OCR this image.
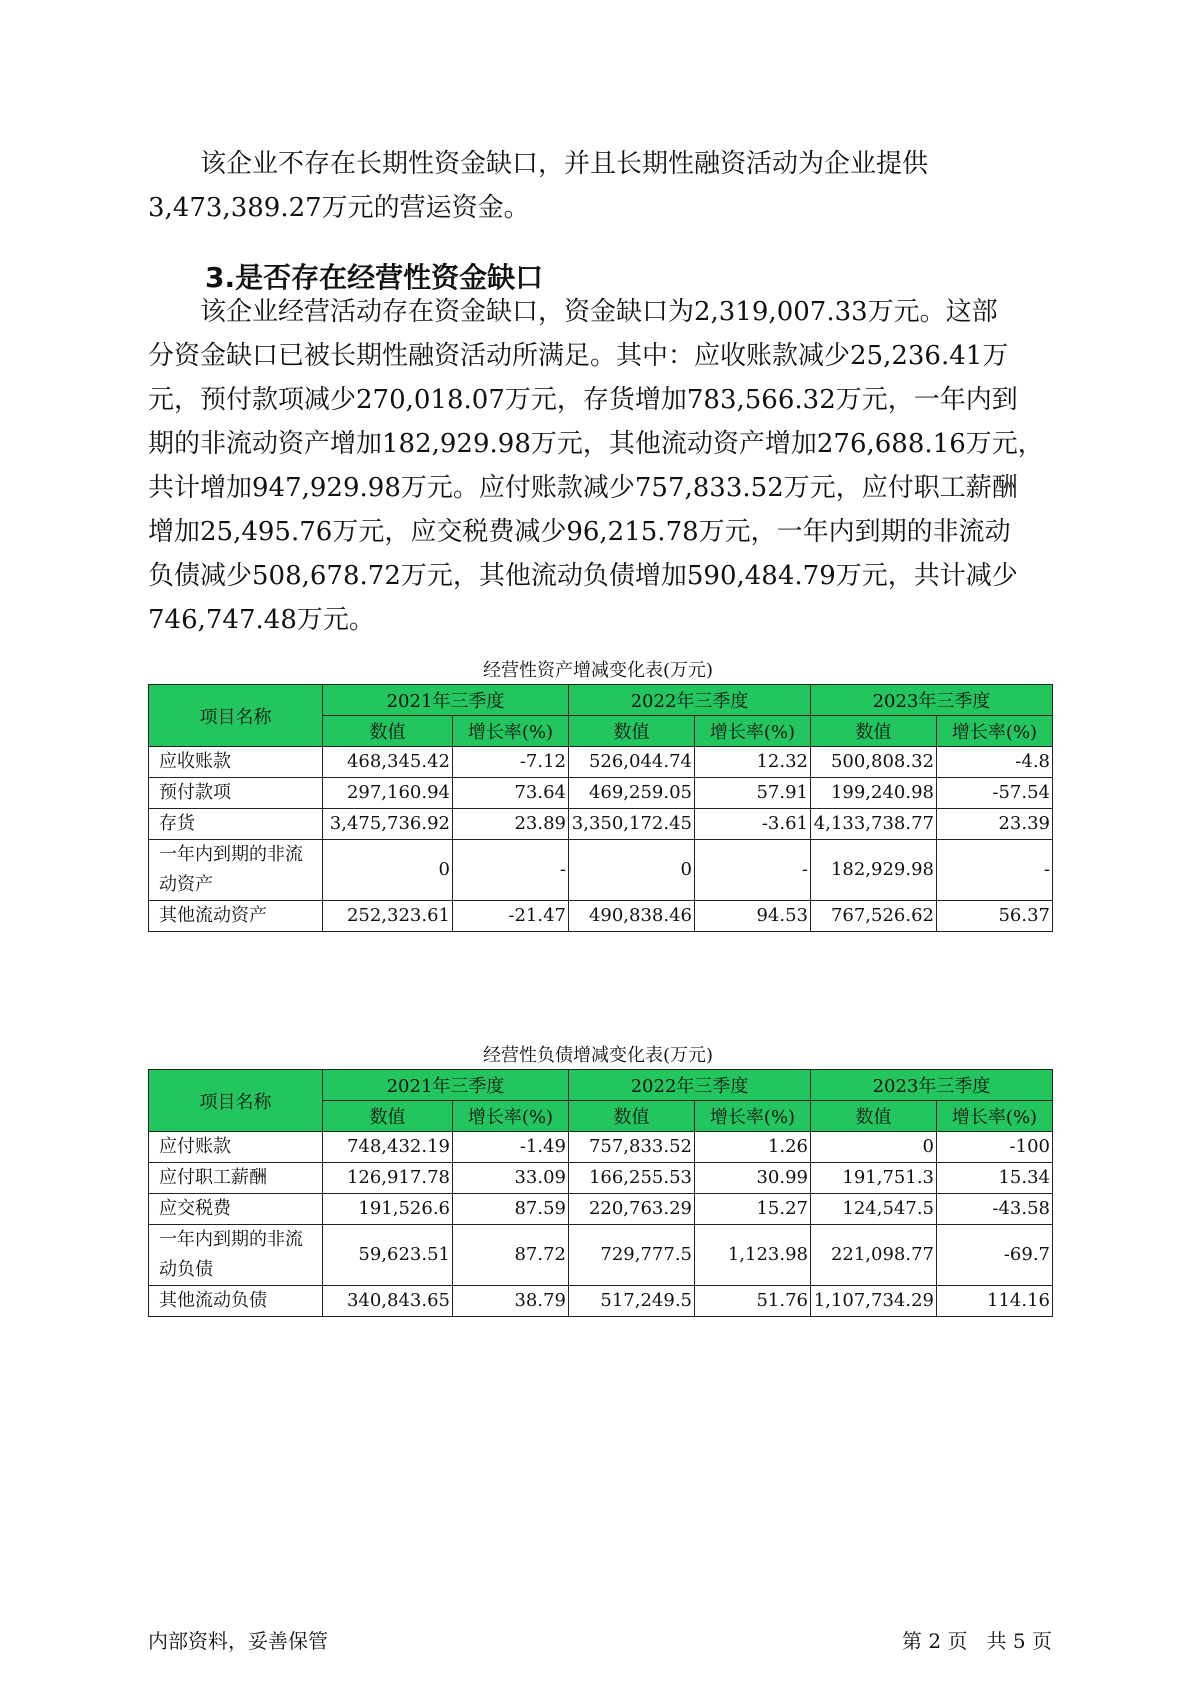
该企业不存在长期性资金缺口，并且长期性融资活动为企业提供
3,473,389.27万元的营运资金。

3.是否存在经营性资金缺口

该企业经营活动存在资金缺口，资金缺口为2,319,007.33万元。这部
分资金缺口已被长期性融资活动所满足。其中：应收账款减少25,236.41万
元，预付款项减少270,018.07万元，存货增加783,566.32万元，一年内到
期的非流动资产增加182,929.98万元，其他流动资产增加276,688.16万元，
共计增加947,929.98万元。应付账款减少757,833.52万元，应付职工薪酬
增加25,495.76万元，应交税费减少96,215.78万元，一年内到期的非流动
负债减少508,678.72万元，其他流动负债增加590,484.79万元，共计减少
746,747.48万元。

经营性资产增减变化表(万元)
项目名称	2021年三季度		2022年三季度		2023年三季度	
	数值	增长率(%)	数值	增长率(%)	数值	增长率(%)
应收账款	468,345.42	-7.12	526,044.74	12.32	500,808.32	-4.8
预付款项	297,160.94	73.64	469,259.05	57.91	199,240.98	-57.54
存货	3,475,736.92	23.89	3,350,172.45	-3.61	4,133,738.77	23.39
一年内到期的非流动资产	0	-	0	-	182,929.98	-
其他流动资产	252,323.61	-21.47	490,838.46	94.53	767,526.62	56.37
经营性负债增减变化表(万元)
项目名称	2021年三季度		2022年三季度		2023年三季度	
	数值	增长率(%)	数值	增长率(%)	数值	增长率(%)
应付账款	748,432.19	-1.49	757,833.52	1.26	0	-100
应付职工薪酬	126,917.78	33.09	166,255.53	30.99	191,751.3	15.34
应交税费	191,526.6	87.59	220,763.29	15.27	124,547.5	-43.58
一年内到期的非流动负债	59,623.51	87.72	729,777.5	1,123.98	221,098.77	-69.7
其他流动负债	340,843.65	38.79	517,249.5	51.76	1,107,734.29	114.16
内部资料，妥善保管	第 2 页   共 5 页
